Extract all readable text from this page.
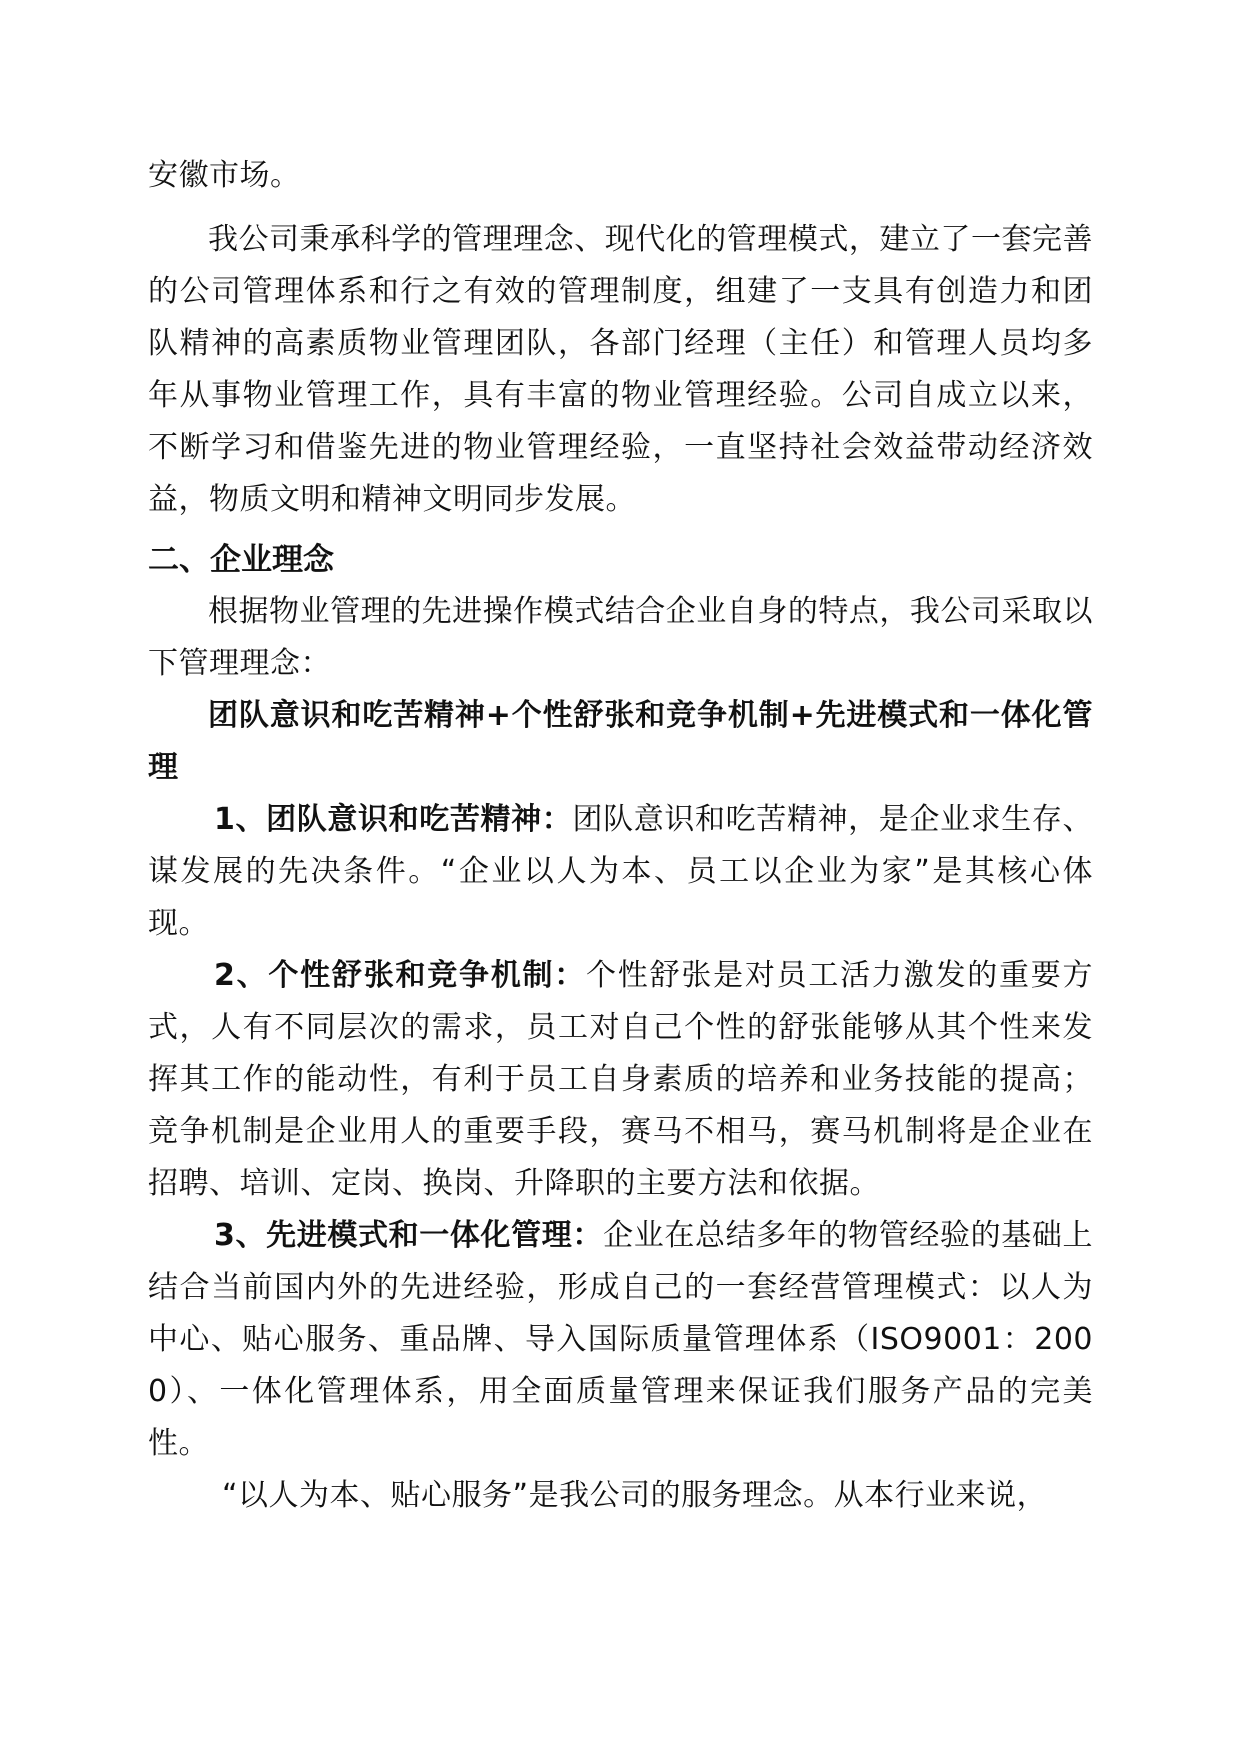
安徽市场。

我公司秉承科学的管理理念、现代化的管理模式，建立了一套完善的公司管理体系和行之有效的管理制度，组建了一支具有创造力和团队精神的高素质物业管理团队，各部门经理（主任）和管理人员均多年从事物业管理工作，具有丰富的物业管理经验。公司自成立以来，不断学习和借鉴先进的物业管理经验，一直坚持社会效益带动经济效益，物质文明和精神文明同步发展。

二、企业理念

根据物业管理的先进操作模式结合企业自身的特点，我公司采取以下管理理念：

团队意识和吃苦精神+个性舒张和竞争机制+先进模式和一体化管理

1、团队意识和吃苦精神：团队意识和吃苦精神，是企业求生存、谋发展的先决条件。“企业以人为本、员工以企业为家”是其核心体现。

2、个性舒张和竞争机制：个性舒张是对员工活力激发的重要方式，人有不同层次的需求，员工对自己个性的舒张能够从其个性来发挥其工作的能动性，有利于员工自身素质的培养和业务技能的提高；竞争机制是企业用人的重要手段，赛马不相马，赛马机制将是企业在招聘、培训、定岗、换岗、升降职的主要方法和依据。

3、先进模式和一体化管理：企业在总结多年的物管经验的基础上结合当前国内外的先进经验，形成自己的一套经营管理模式：以人为中心、贴心服务、重品牌、导入国际质量管理体系（ISO9001：2000）、一体化管理体系，用全面质量管理来保证我们服务产品的完美性。

“以人为本、贴心服务”是我公司的服务理念。从本行业来说，
